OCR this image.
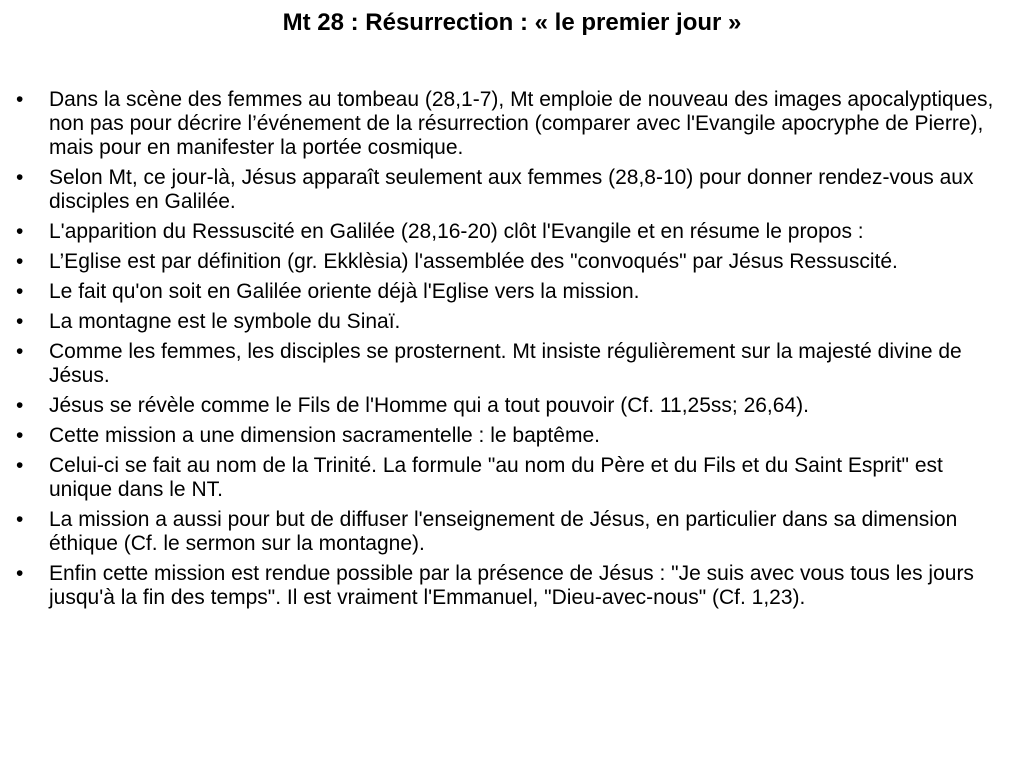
Mt 28 : Résurrection : « le premier jour »
• Dans la scène des femmes au tombeau (28,1-7), Mt emploie de nouveau des images apocalyptiques, non pas pour décrire l’événement de la résurrection (comparer avec l'Evangile apocryphe de Pierre), mais pour en manifester la portée cosmique.
• Selon Mt, ce jour-là, Jésus apparaît seulement aux femmes (28,8-10) pour donner rendez-vous aux disciples en Galilée.
• L'apparition du Ressuscité en Galilée (28,16-20) clôt l'Evangile et en résume le propos :
• L’Eglise est par définition (gr. Ekklèsia) l'assemblée des "convoqués" par Jésus Ressuscité.
• Le fait qu'on soit en Galilée oriente déjà l'Eglise vers la mission.
• La montagne est le symbole du Sinaï.
• Comme les femmes, les disciples se prosternent. Mt insiste régulièrement sur la majesté divine de Jésus.
• Jésus se révèle comme le Fils de l'Homme qui a tout pouvoir (Cf. 11,25ss; 26,64).
• Cette mission a une dimension sacramentelle : le baptême.
• Celui-ci se fait au nom de la Trinité. La formule "au nom du Père et du Fils et du Saint Esprit" est unique dans le NT.
• La mission a aussi pour but de diffuser l'enseignement de Jésus, en particulier dans sa dimension éthique (Cf. le sermon sur la montagne).
• Enfin cette mission est rendue possible par la présence de Jésus : "Je suis avec vous tous les jours jusqu'à la fin des temps". Il est vraiment l'Emmanuel, "Dieu-avec-nous" (Cf. 1,23).
